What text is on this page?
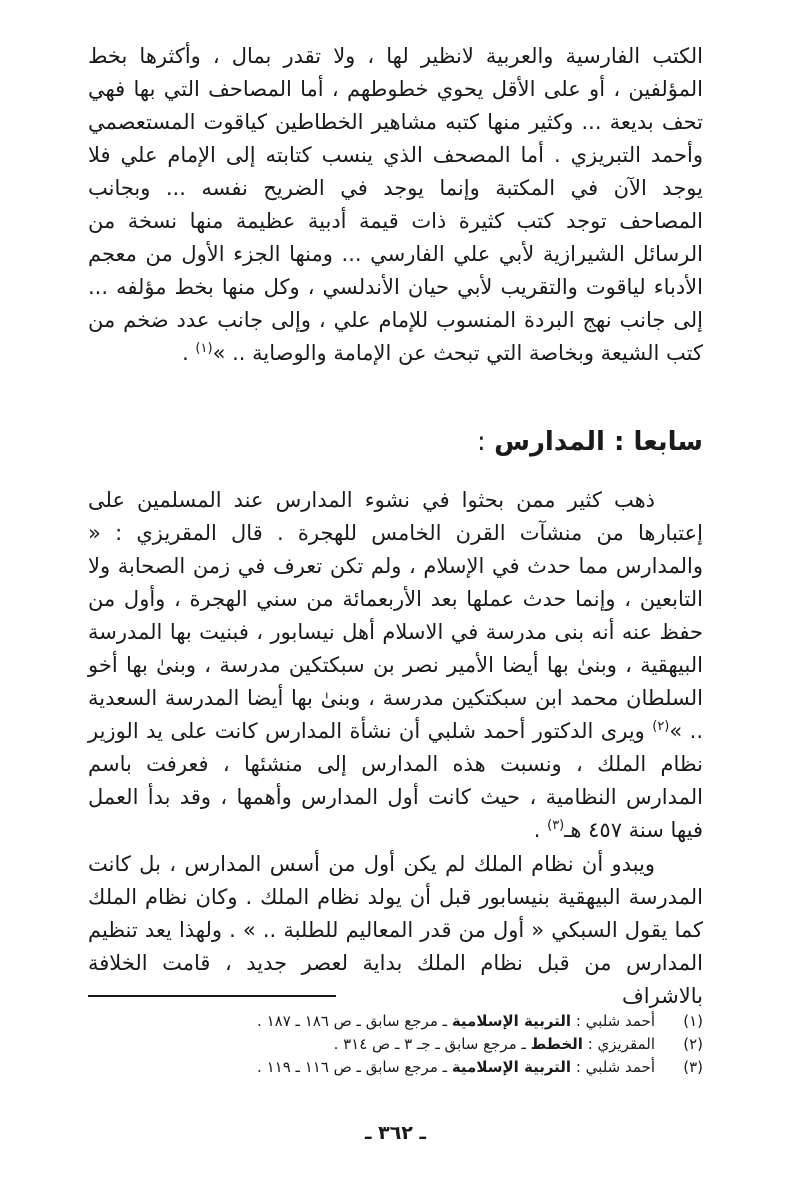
الكتب الفارسية والعربية لانظير لها ، ولا تقدر بمال ، وأكثرها بخط المؤلفين ، أو على الأقل يحوي خطوطهم ، أما المصاحف التي بها فهي تحف بديعة ... وكثير منها كتبه مشاهير الخطاطين كياقوت المستعصمي وأحمد التبريزي . أما المصحف الذي ينسب كتابته إلى الإمام علي فلا يوجد الآن في المكتبة وإنما يوجد في الضريح نفسه ... وبجانب المصاحف توجد كتب كثيرة ذات قيمة أدبية عظيمة منها نسخة من الرسائل الشيرازية لأبي علي الفارسي ... ومنها الجزء الأول من معجم الأدباء لياقوت والتقريب لأبي حيان الأندلسي ، وكل منها بخط مؤلفه ... إلى جانب نهج البردة المنسوب للإمام علي ، وإلى جانب عدد ضخم من كتب الشيعة وبخاصة التي تبحث عن الإمامة والوصاية .. »$^{(١)}$ .

سابعا : المدارس :

ذهب كثير ممن بحثوا في نشوء المدارس عند المسلمين على إعتبارها من منشآت القرن الخامس للهجرة . قال المقريزي : « والمدارس مما حدث في الإسلام ، ولم تكن تعرف في زمن الصحابة ولا التابعين ، وإنما حدث عملها بعد الأربعمائة من سني الهجرة ، وأول من حفظ عنه أنه بنى مدرسة في الاسلام أهل نيسابور ، فبنيت بها المدرسة البيهقية ، وبنىٰ بها أيضا الأمير نصر بن سبكتكين مدرسة ، وبنىٰ بها أخو السلطان محمد ابن سبكتكين مدرسة ، وبنىٰ بها أيضا المدرسة السعدية .. »$^{(٢)}$ ويرى الدكتور أحمد شلبي أن نشأة المدارس كانت على يد الوزير نظام الملك ، ونسبت هذه المدارس إلى منشئها ، فعرفت باسم المدارس النظامية ، حيث كانت أول المدارس وأهمها ، وقد بدأ العمل فيها سنة ٤٥٧ هـ$^{(٣)}$ .

ويبدو أن نظام الملك لم يكن أول من أسس المدارس ، بل كانت المدرسة البيهقية بنيسابور قبل أن يولد نظام الملك . وكان نظام الملك كما يقول السبكي « أول من قدر المعاليم للطلبة .. » . ولهذا يعد تنظيم المدارس من قبل نظام الملك بداية لعصر جديد ، قامت الخلافة بالاشراف

(١)
أحمد شلبي : التربية الإسلامية ـ مرجع سابق ـ ص ١٨٦ ـ ١٨٧ .
(٢)
المقريزي : الخطط ـ مرجع سابق ـ جـ ٣ ـ ص ٣١٤ .
(٣)
أحمد شلبي : التربية الإسلامية ـ مرجع سابق ـ ص ١١٦ ـ ١١٩ .
ـ ٣٦٢ ـ
